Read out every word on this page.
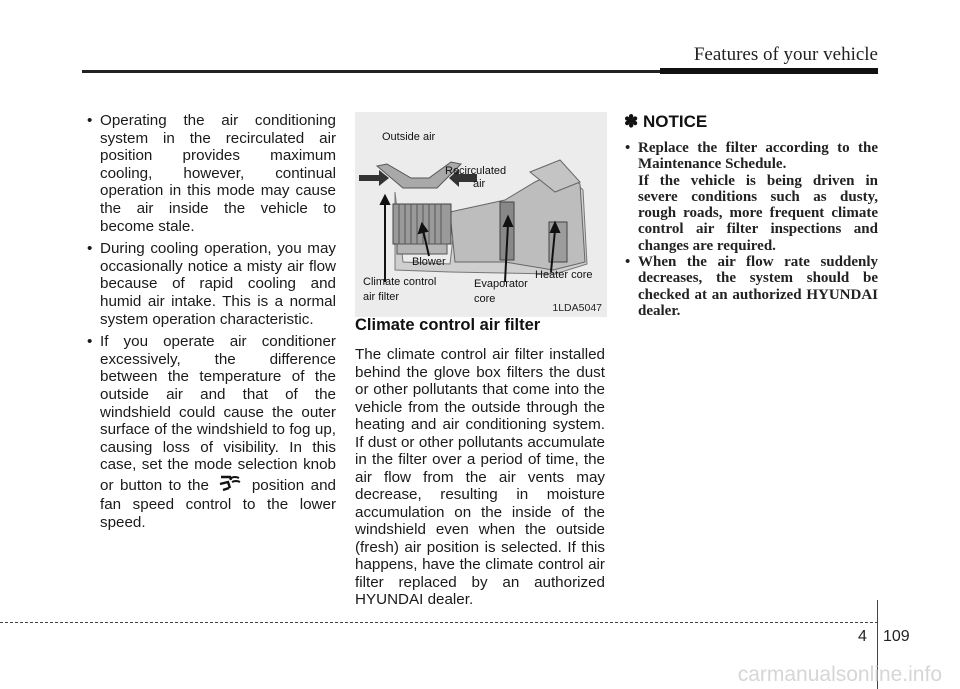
Features of your vehicle
• Operating the air conditioning system in the recirculated air position provides maximum cooling, however, continual operation in this mode may cause the air inside the vehicle to become stale.
• During cooling operation, you may occasionally notice a misty air flow because of rapid cooling and humid air intake. This is a normal system operation characteristic.
• If you operate air conditioner excessively, the difference between the temperature of the outside air and that of the windshield could cause the outer surface of the windshield to fog up, causing loss of visibility. In this case, set the mode selection knob or button to the	position and fan speed control to the lower speed.
Outside air
Recirculated
air
Blower
Climate control
air filter
Evaporator
core
Heater core
1LDA5047
Climate control air filter
The climate control air filter installed behind the glove box filters the dust or other pollutants that come into the vehicle from the outside through the heating and air conditioning system. If dust or other pollutants accumulate in the filter over a period of time, the air flow from the air vents may decrease, resulting in moisture accumulation on the inside of the windshield even when the outside (fresh) air position is selected. If this happens, have the climate control air filter replaced by an authorized HYUNDAI dealer.
✽ NOTICE
• Replace the filter according to the Maintenance Schedule.
If the vehicle is being driven in severe conditions such as dusty, rough roads, more frequent climate control air filter inspections and changes are required.
• When the air flow rate suddenly decreases, the system should be checked at an authorized HYUNDAI dealer.
4 109
carmanualsonline.info
